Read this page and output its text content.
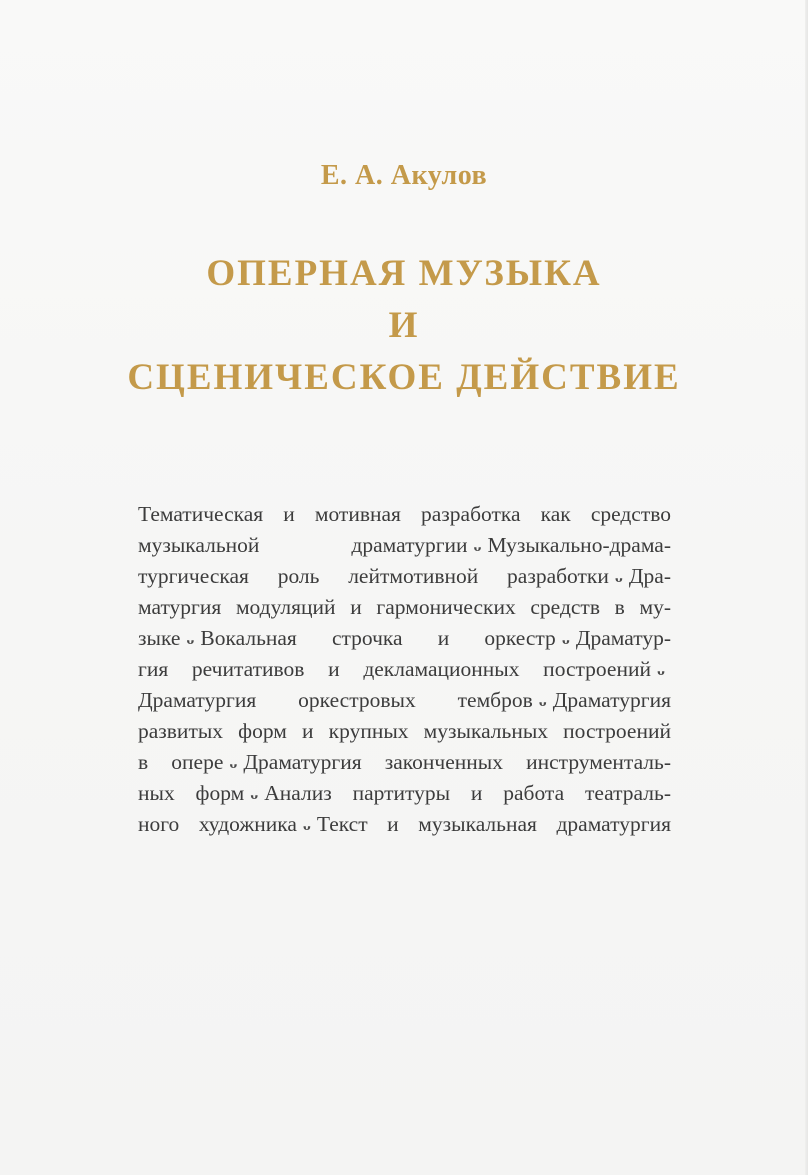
Е. А. Акулов
ОПЕРНАЯ МУЗЫКА
И
СЦЕНИЧЕСКОЕ ДЕЙСТВИЕ
Тематическая и мотивная разработка как средство
музыкальной драматургии ᴗ Музыкально-драма-
тургическая роль лейтмотивной разработки ᴗ Дра-
матургия модуляций и гармонических средств в му-
зыке ᴗ Вокальная строчка и оркестр ᴗ Драматур-
гия речитативов и декламационных построений ᴗ
Драматургия оркестровых тембров ᴗ Драматургия
развитых форм и крупных музыкальных построений
в опере ᴗ Драматургия законченных инструменталь-
ных форм ᴗ Анализ партитуры и работа театраль-
ного художника ᴗ Текст и музыкальная драматургия
